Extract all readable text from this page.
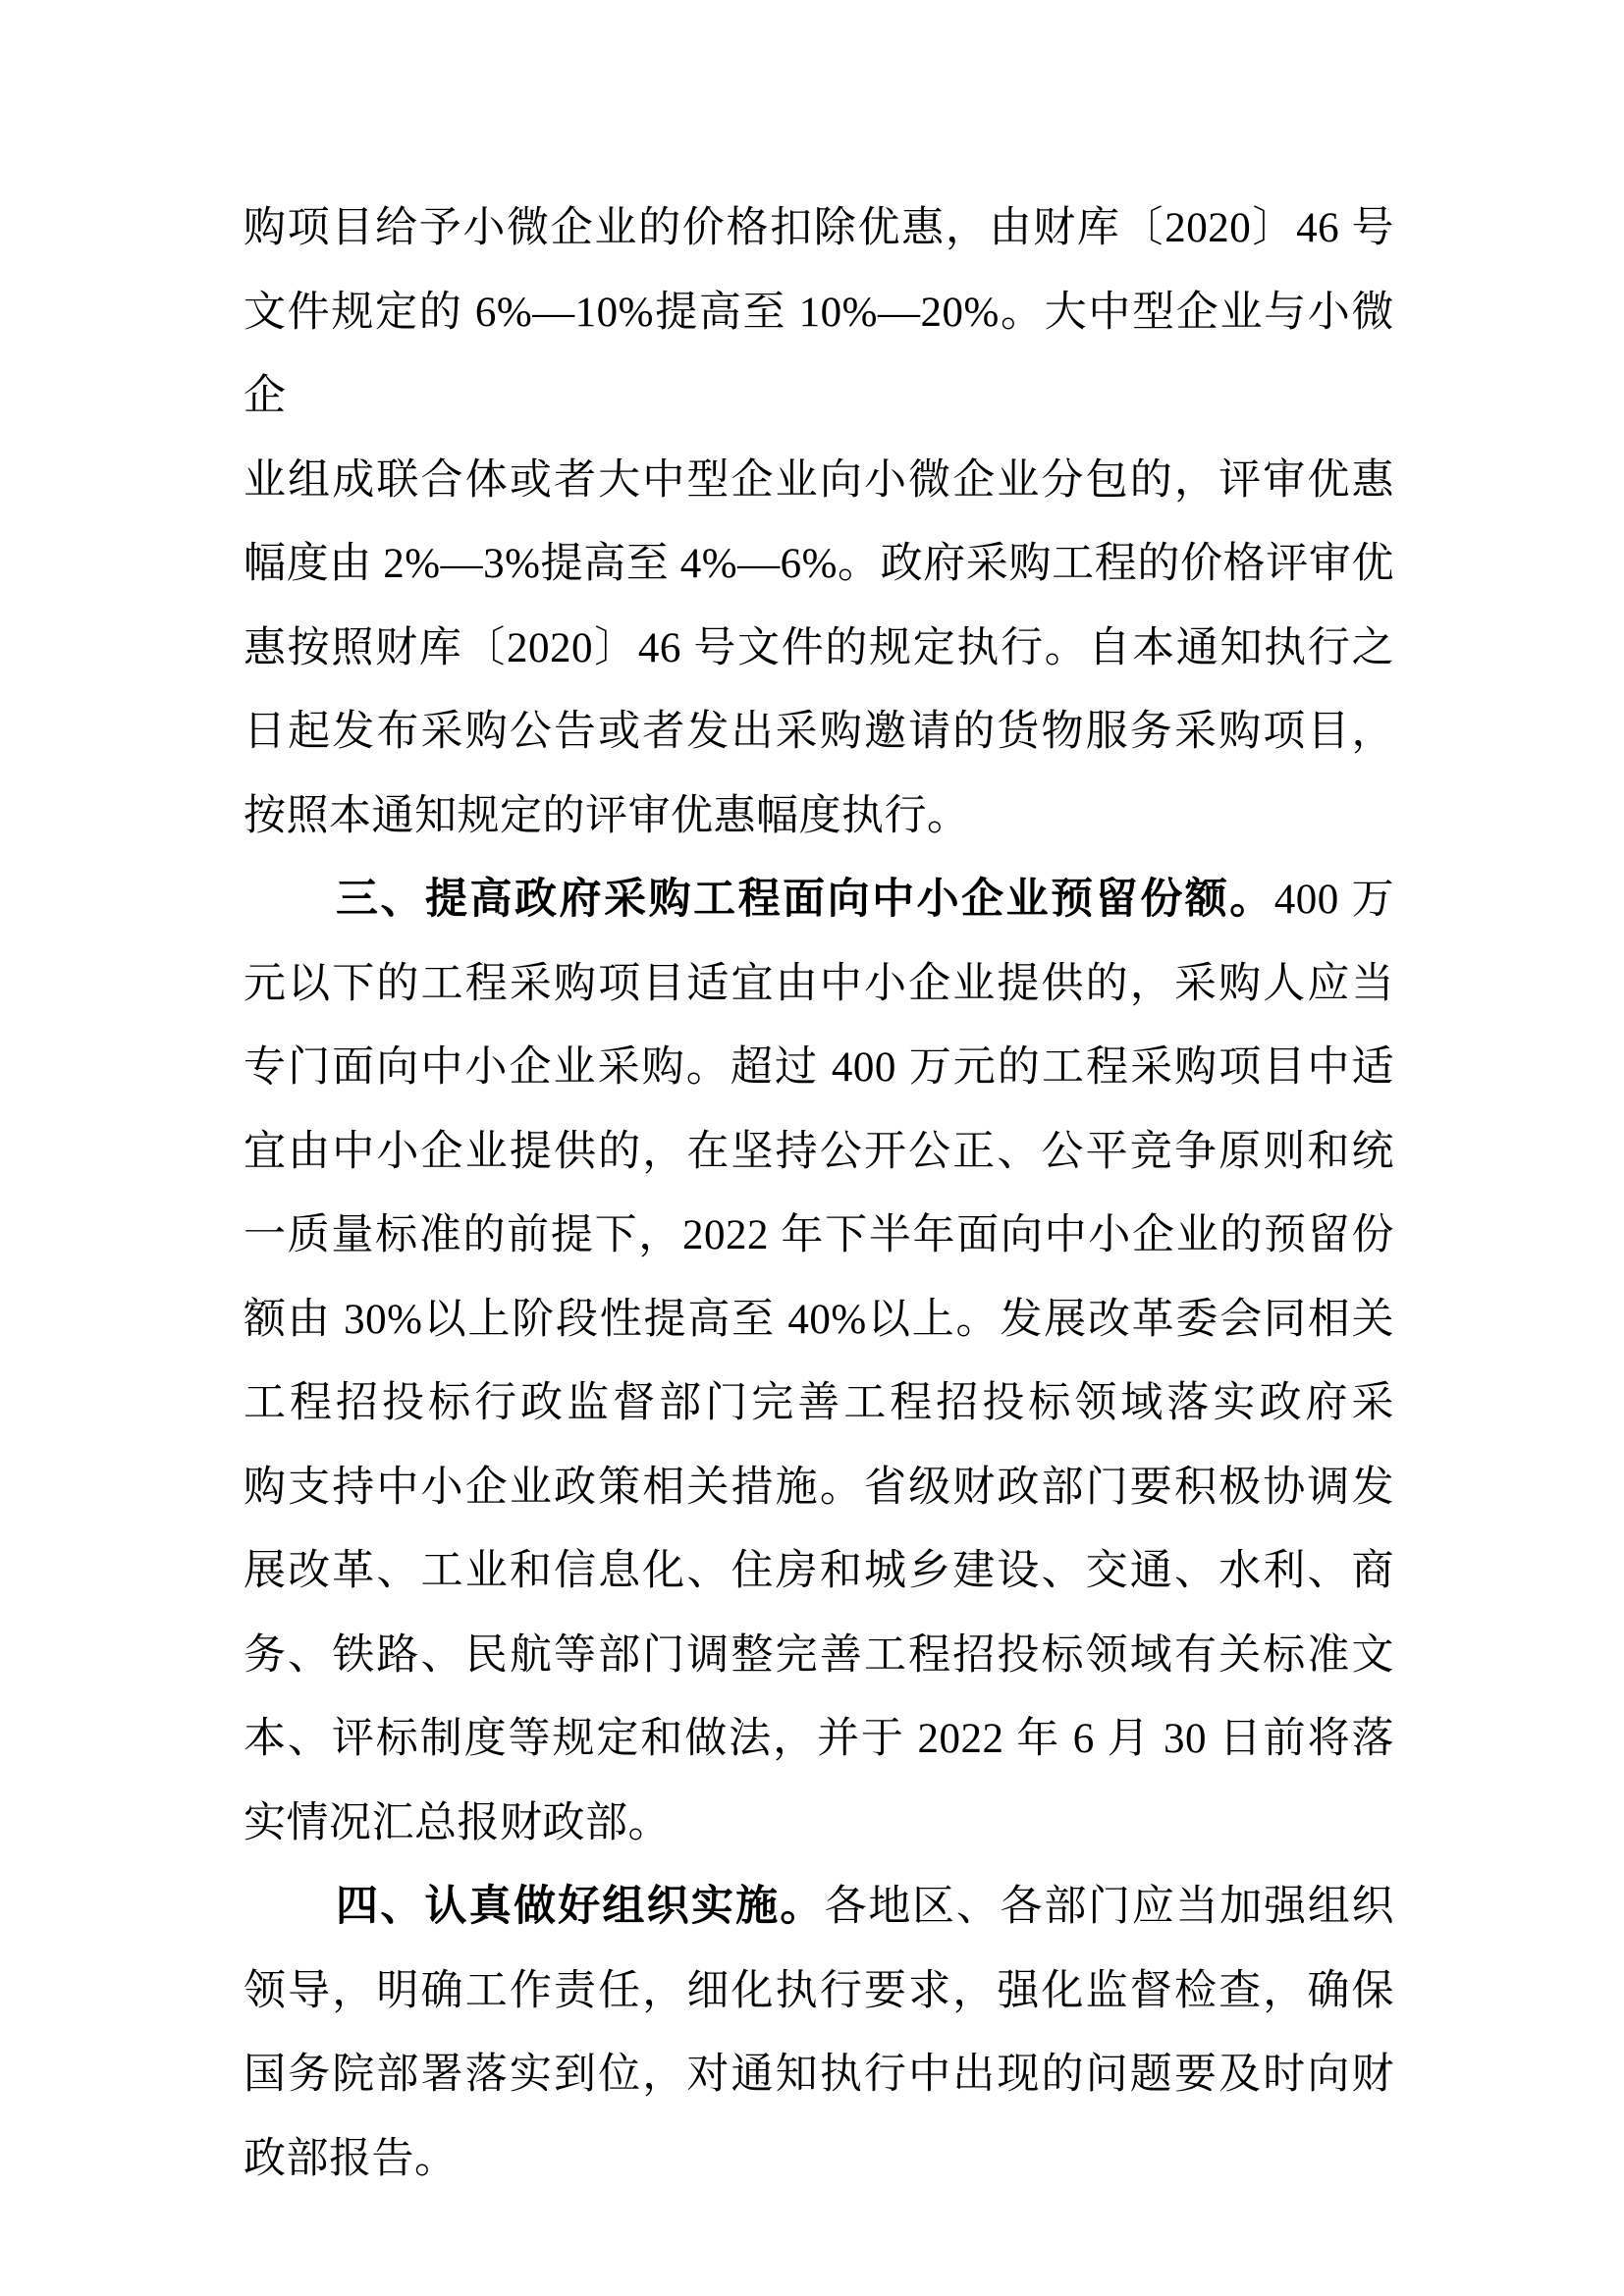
购项目给予小微企业的价格扣除优惠，由财库〔2020〕46 号
文件规定的 6%—10%提高至 10%—20%。大中型企业与小微企
业组成联合体或者大中型企业向小微企业分包的，评审优惠
幅度由 2%—3%提高至 4%—6%。政府采购工程的价格评审优
惠按照财库〔2020〕46 号文件的规定执行。自本通知执行之
日起发布采购公告或者发出采购邀请的货物服务采购项目，
按照本通知规定的评审优惠幅度执行。
三、提高政府采购工程面向中小企业预留份额。400 万
元以下的工程采购项目适宜由中小企业提供的，采购人应当
专门面向中小企业采购。超过 400 万元的工程采购项目中适
宜由中小企业提供的，在坚持公开公正、公平竞争原则和统
一质量标准的前提下，2022 年下半年面向中小企业的预留份
额由 30%以上阶段性提高至 40%以上。发展改革委会同相关
工程招投标行政监督部门完善工程招投标领域落实政府采
购支持中小企业政策相关措施。省级财政部门要积极协调发
展改革、工业和信息化、住房和城乡建设、交通、水利、商
务、铁路、民航等部门调整完善工程招投标领域有关标准文
本、评标制度等规定和做法，并于 2022 年 6 月 30 日前将落
实情况汇总报财政部。
四、认真做好组织实施。各地区、各部门应当加强组织
领导，明确工作责任，细化执行要求，强化监督检查，确保
国务院部署落实到位，对通知执行中出现的问题要及时向财
政部报告。
